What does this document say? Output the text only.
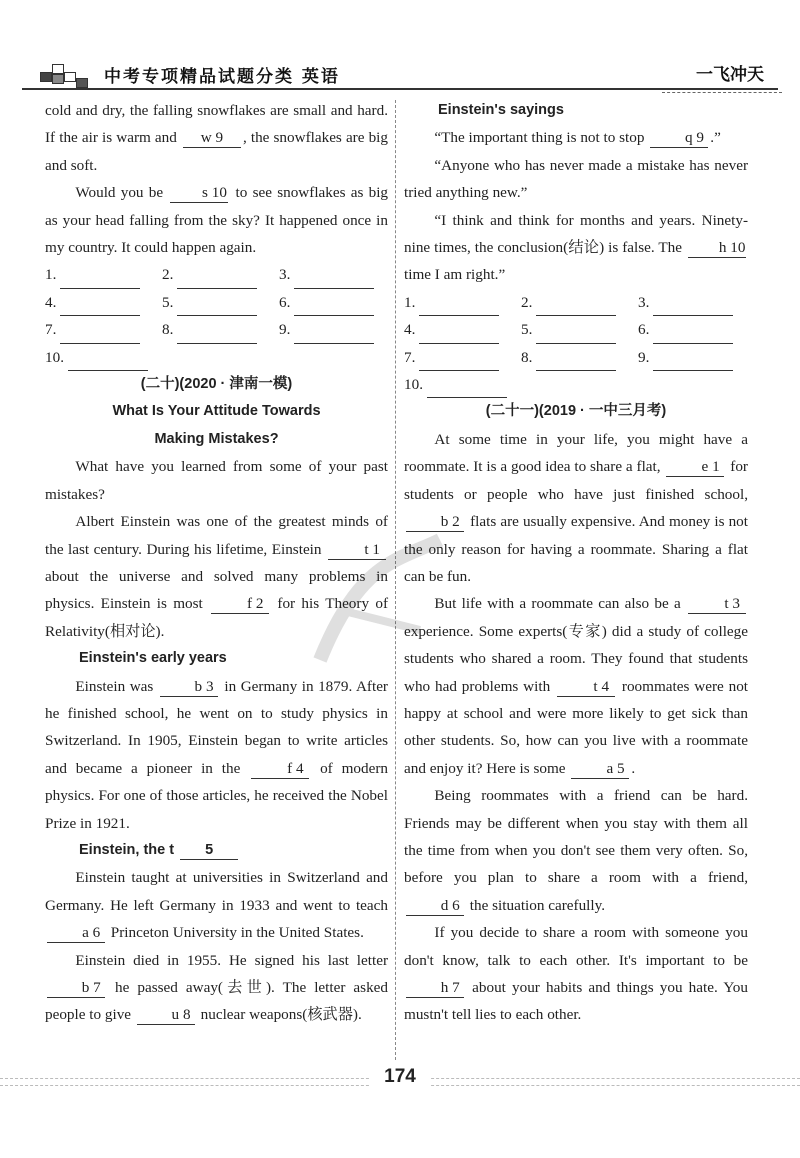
中考专项精品试题分类 英语	一飞冲天

cold and dry, the falling snowflakes are small and hard. If the air is warm and w 9 , the snowflakes are big and soft.

Would you be	s 10 to see snowflakes as big as your head falling from the sky? It happened once in my country. It could happen again.

1.	2.	3.
4.	5.	6.
7.	8.	9.
10.

(二十)(2020 · 津南一模)

What Is Your Attitude Towards

Making Mistakes?

What have you learned from some of your past mistakes?

Albert Einstein was one of the greatest minds of the last century. During his lifetime, Einstein	t 1 about the universe and solved many problems in physics. Einstein is most	f 2 for his Theory of Relativity(相对论).

Einstein's early years

Einstein was	b 3 in Germany in 1879. After he finished school, he went on to study physics in Switzerland. In 1905, Einstein began to write articles and became a pioneer in the	f 4 of modern physics. For one of those articles, he received the Nobel Prize in 1921.

Einstein, the t 5

Einstein taught at universities in Switzerland and Germany. He left Germany in 1933 and went to teach a 6 Princeton University in the United States.

Einstein died in 1955. He signed his last letter b 7 he passed away(去世). The letter asked people to give	u 8 nuclear weapons(核武器).

Einstein's sayings

“The important thing is not to stop	q 9 .”

“Anyone who has never made a mistake has never tried anything new.”

“I think and think for months and years. Ninety-nine times, the conclusion(结论) is false. The h 10 time I am right.”

1.	2.	3.
4.	5.	6.
7.	8.	9.
10.

(二十一)(2019 · 一中三月考)

At some time in your life, you might have a roommate. It is a good idea to share a flat,	e 1 for students or people who have just finished school, b 2 flats are usually expensive. And money is not the only reason for having a roommate. Sharing a flat can be fun.

But life with a roommate can also be a	t 3 experience. Some experts(专家) did a study of college students who shared a room. They found that students who had problems with	t 4 roommates were not happy at school and were more likely to get sick than other students. So, how can you live with a roommate and enjoy it? Here is some	a 5 .

Being roommates with a friend can be hard. Friends may be different when you stay with them all the time from when you don't see them very often. So, before you plan to share a room with a friend, d 6 the situation carefully.

If you decide to share a room with someone you don't know, talk to each other. It's important to be h 7 about your habits and things you hate. You mustn't tell lies to each other.

174
